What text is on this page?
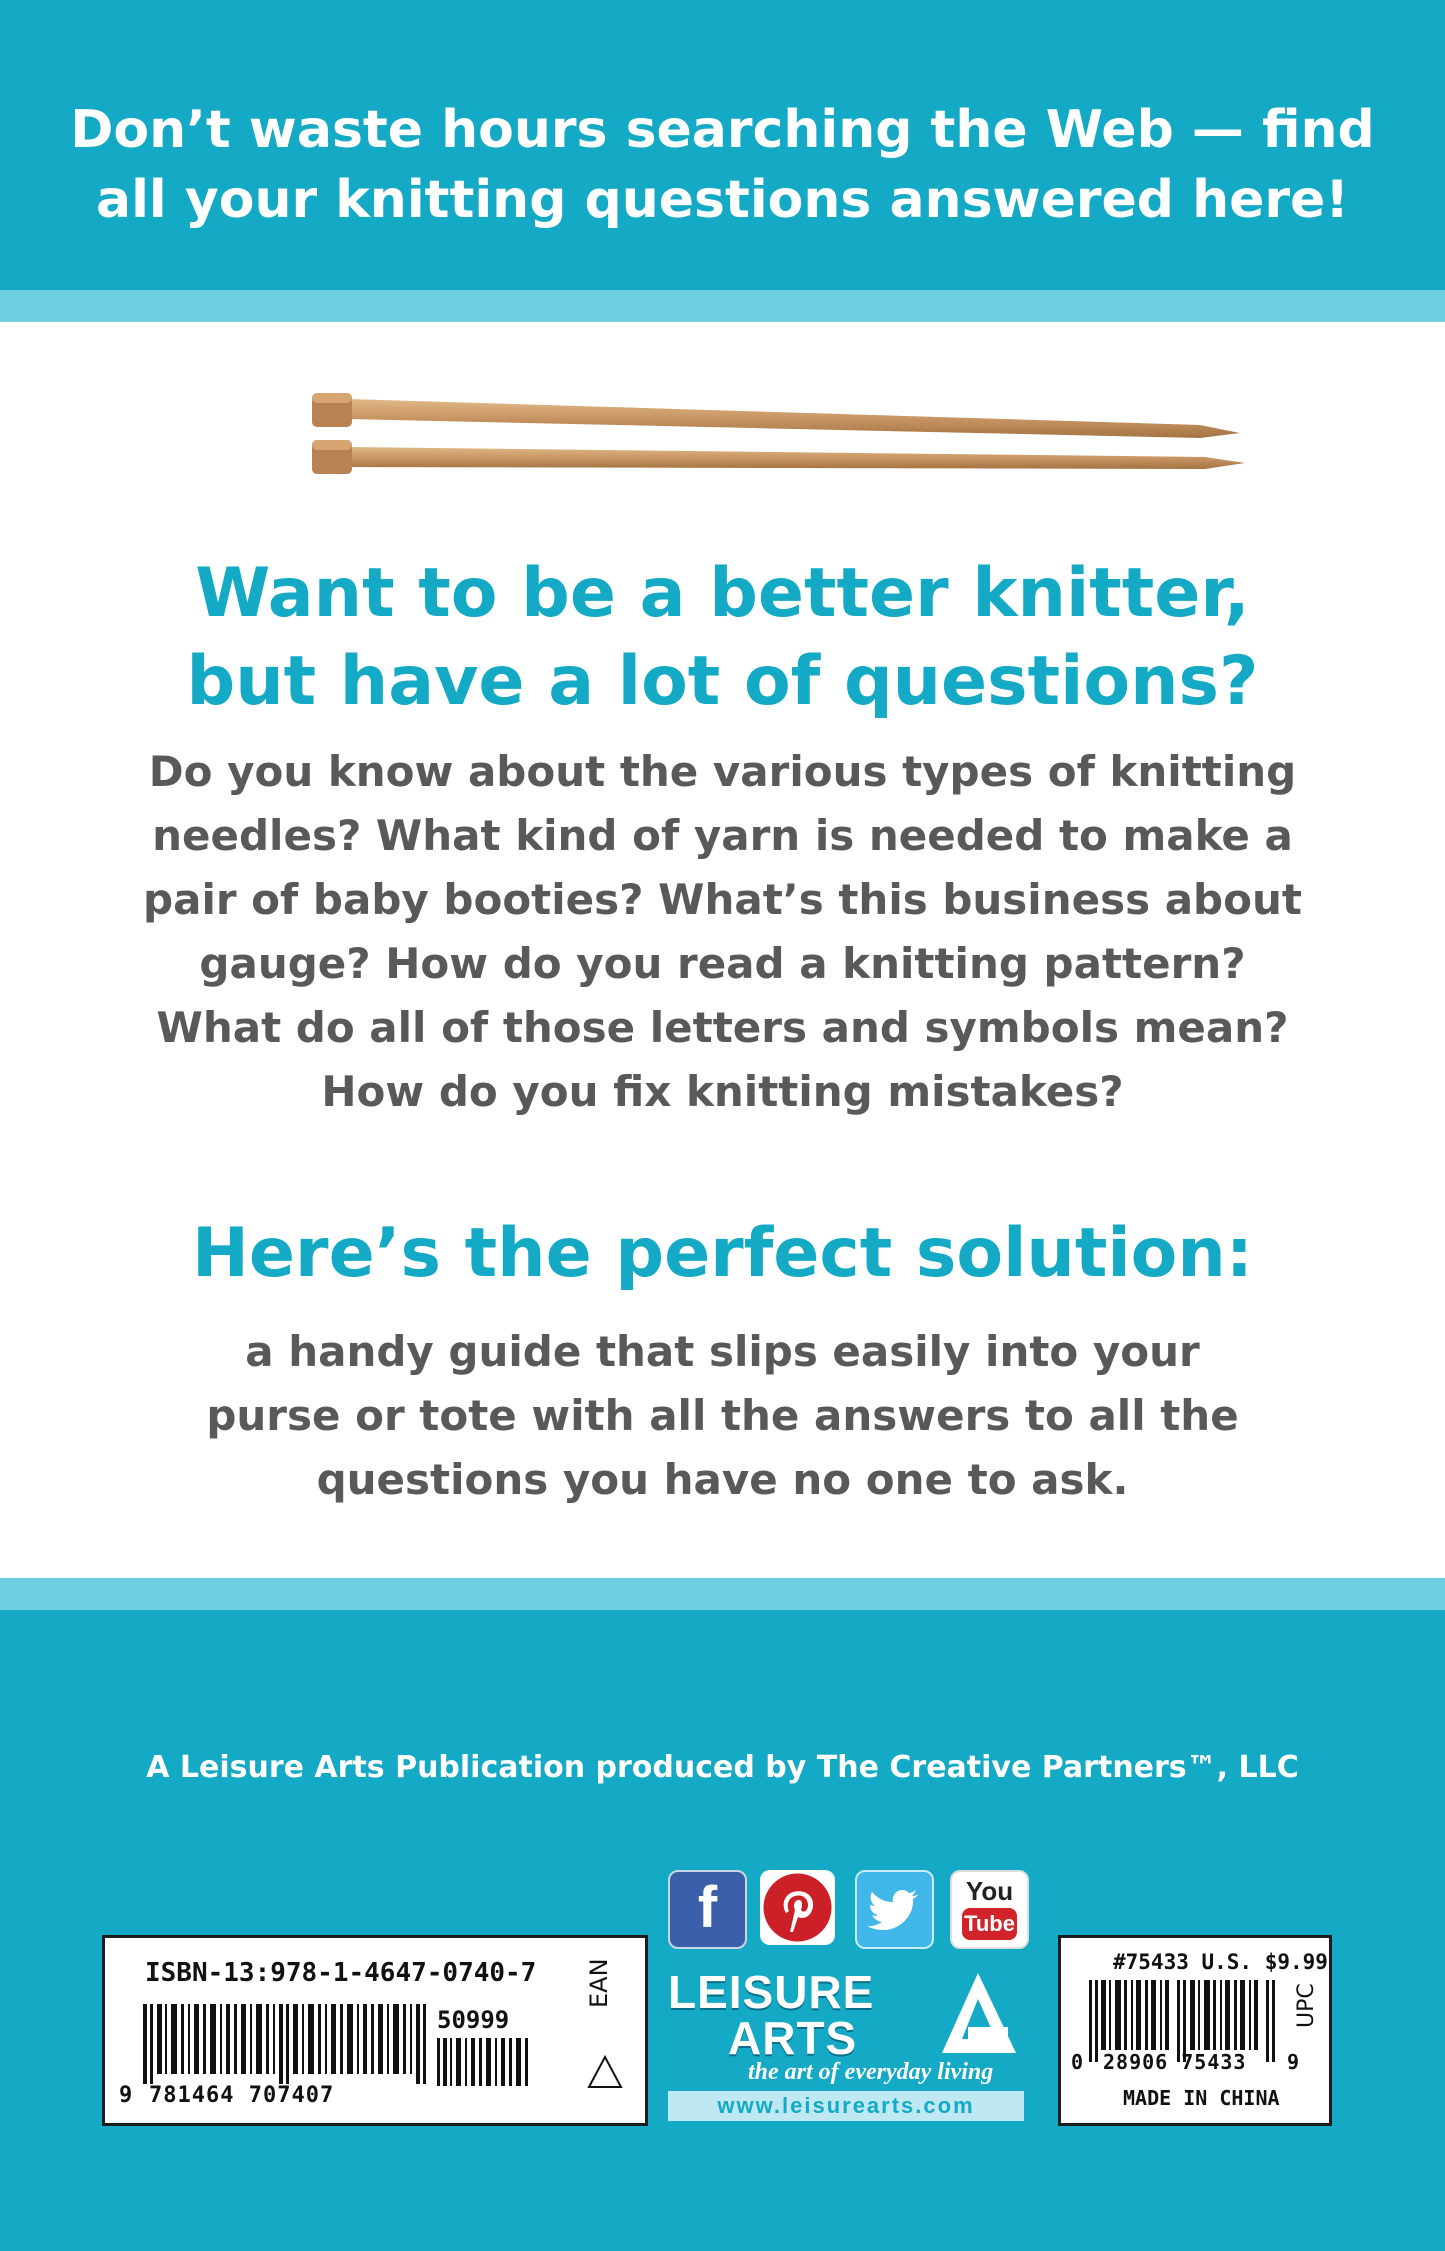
Don’t waste hours searching the Web — find
all your knitting questions answered here!
Want to be a better knitter,
but have a lot of questions?
Do you know about the various types of knitting
needles? What kind of yarn is needed to make a
pair of baby booties? What’s this business about
gauge? How do you read a knitting pattern?
What do all of those letters and symbols mean?
How do you fix knitting mistakes?
Here’s the perfect solution:
a handy guide that slips easily into your
purse or tote with all the answers to all the
questions you have no one to ask.
A Leisure Arts Publication produced by The Creative Partners™, LLC
f	You
Tube
ISBN-13:978-1-4647-0740-7
50999
9 781464 707407
EAN LEISURE
ARTS
the art of everyday living
www.leisurearts.com
#75433 U.S. $9.99
0 28906 75433 9
UPC
MADE IN CHINA
